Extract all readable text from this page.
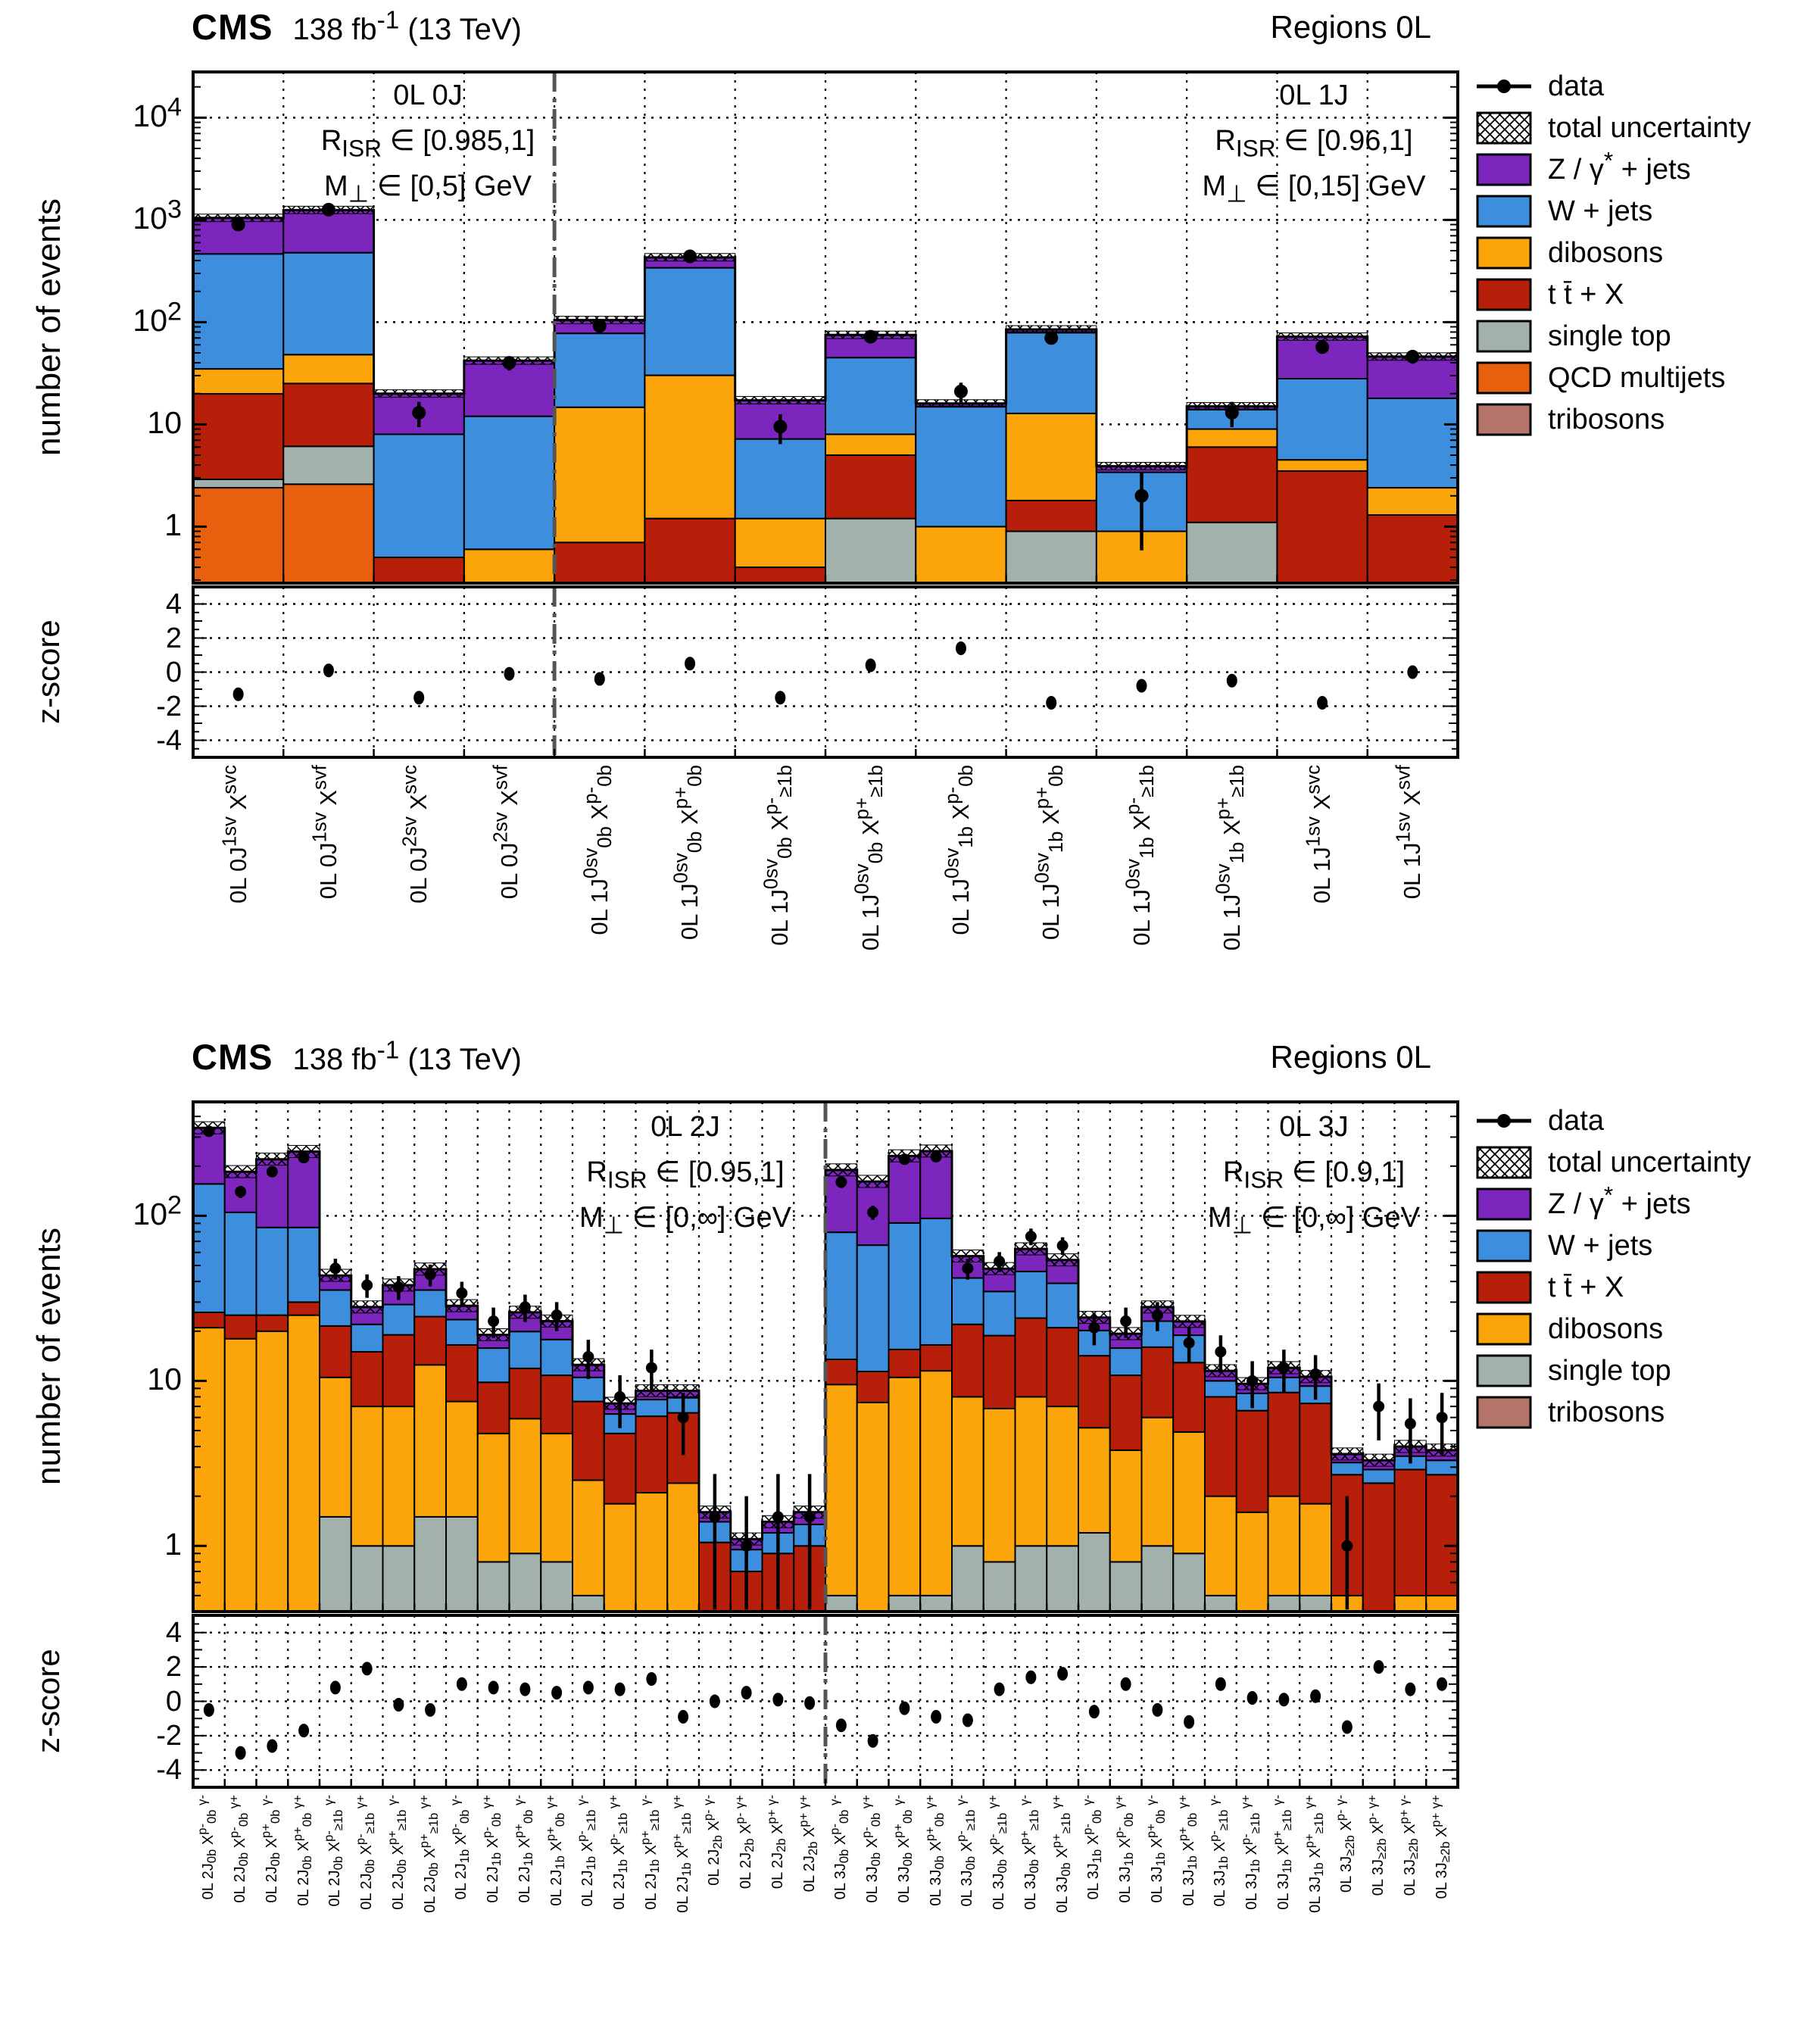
CMS 138 $fb^{-1}$ (13 TeV)	Regions 0L
number of events
z-score
0L 0J
$R_{ISR}$ ∈ [0.985,1]
$M_\perp$ ∈ [0,5] GeV
0L 1J
$R_{ISR}$ ∈ [0.96,1]
$M_\perp$ ∈ [0,15] GeV
$10^4$
$10^3$
$10^2$
10
1
4
2
0
-2
-4
0L $0J^{1sv}$ $X^{svc}$
0L $0J^{1sv}$ $X^{svf}$
0L $0J^{2sv}$ $X^{svc}$
0L $0J^{2sv}$ $X^{svf}$
0L $1J^{0sv}_{0b}$ $X^{p-}_{0b}$
0L $1J^{0sv}_{0b}$ $X^{p+}_{0b}$
0L $1J^{0sv}_{0b}$ $X^{p-}_{\ge 1b}$
0L $1J^{0sv}_{0b}$ $X^{p+}_{\ge 1b}$
0L $1J^{0sv}_{1b}$ $X^{p-}_{0b}$
0L $1J^{0sv}_{1b}$ $X^{p+}_{0b}$
0L $1J^{0sv}_{1b}$ $X^{p-}_{\ge 1b}$
0L $1J^{0sv}_{1b}$ $X^{p+}_{\ge 1b}$
0L $1J^{1sv}$ $X^{svc}$
0L $1J^{1sv}$ $X^{svf}$
data
total uncertainty
Z / γ* + jets
W + jets
dibosons
t t̄ + X
single top
QCD multijets
tribosons
CMS 138 $fb^{-1}$ (13 TeV)	Regions 0L
number of events
z-score
0L 2J
$R_{ISR}$ ∈ [0.95,1]
$M_\perp$ ∈ [0,∞] GeV
0L 3J
$R_{ISR}$ ∈ [0.9,1]
$M_\perp$ ∈ [0,∞] GeV
$10^2$
10
1
4
2
0
-2
-4
0L $2J_{0b}$ $X^{p-}_{0b}$ $^{\gamma-}$
0L $2J_{0b}$ $X^{p-}_{0b}$ $^{\gamma+}$
0L $2J_{0b}$ $X^{p+}_{0b}$ $^{\gamma-}$
0L $2J_{0b}$ $X^{p+}_{0b}$ $^{\gamma+}$
0L $2J_{0b}$ $X^{p-}_{\ge 1b}$ $^{\gamma-}$
0L $2J_{0b}$ $X^{p-}_{\ge 1b}$ $^{\gamma+}$
0L $2J_{0b}$ $X^{p+}_{\ge 1b}$ $^{\gamma-}$
0L $2J_{0b}$ $X^{p+}_{\ge 1b}$ $^{\gamma+}$
0L $2J_{1b}$ $X^{p-}_{0b}$ $^{\gamma-}$
0L $2J_{1b}$ $X^{p-}_{0b}$ $^{\gamma+}$
0L $2J_{1b}$ $X^{p+}_{0b}$ $^{\gamma-}$
0L $2J_{1b}$ $X^{p+}_{0b}$ $^{\gamma+}$
0L $2J_{1b}$ $X^{p-}_{\ge 1b}$ $^{\gamma-}$
0L $2J_{1b}$ $X^{p-}_{\ge 1b}$ $^{\gamma+}$
0L $2J_{1b}$ $X^{p+}_{\ge 1b}$ $^{\gamma-}$
0L $2J_{1b}$ $X^{p+}_{\ge 1b}$ $^{\gamma+}$
0L $2J_{2b}$ $X^{p-}$ $^{\gamma-}$
0L $2J_{2b}$ $X^{p-}$ $^{\gamma+}$
0L $2J_{2b}$ $X^{p+}$ $^{\gamma-}$
0L $2J_{2b}$ $X^{p+}$ $^{\gamma+}$
0L $3J_{0b}$ $X^{p-}_{0b}$ $^{\gamma-}$
0L $3J_{0b}$ $X^{p-}_{0b}$ $^{\gamma+}$
0L $3J_{0b}$ $X^{p+}_{0b}$ $^{\gamma-}$
0L $3J_{0b}$ $X^{p+}_{0b}$ $^{\gamma+}$
0L $3J_{0b}$ $X^{p-}_{\ge 1b}$ $^{\gamma-}$
0L $3J_{0b}$ $X^{p-}_{\ge 1b}$ $^{\gamma+}$
0L $3J_{0b}$ $X^{p+}_{\ge 1b}$ $^{\gamma-}$
0L $3J_{0b}$ $X^{p+}_{\ge 1b}$ $^{\gamma+}$
0L $3J_{1b}$ $X^{p-}_{0b}$ $^{\gamma-}$
0L $3J_{1b}$ $X^{p-}_{0b}$ $^{\gamma+}$
0L $3J_{1b}$ $X^{p+}_{0b}$ $^{\gamma-}$
0L $3J_{1b}$ $X^{p+}_{0b}$ $^{\gamma+}$
0L $3J_{1b}$ $X^{p-}_{\ge 1b}$ $^{\gamma-}$
0L $3J_{1b}$ $X^{p-}_{\ge 1b}$ $^{\gamma+}$
0L $3J_{1b}$ $X^{p+}_{\ge 1b}$ $^{\gamma-}$
0L $3J_{1b}$ $X^{p+}_{\ge 1b}$ $^{\gamma+}$
0L $3J_{\ge 2b}$ $X^{p-}$ $^{\gamma-}$
0L $3J_{\ge 2b}$ $X^{p-}$ $^{\gamma+}$
0L $3J_{\ge 2b}$ $X^{p+}$ $^{\gamma-}$
0L $3J_{\ge 2b}$ $X^{p+}$ $^{\gamma+}$
data
total uncertainty
Z / γ* + jets
W + jets
t t̄ + X
dibosons
single top
tribosons
